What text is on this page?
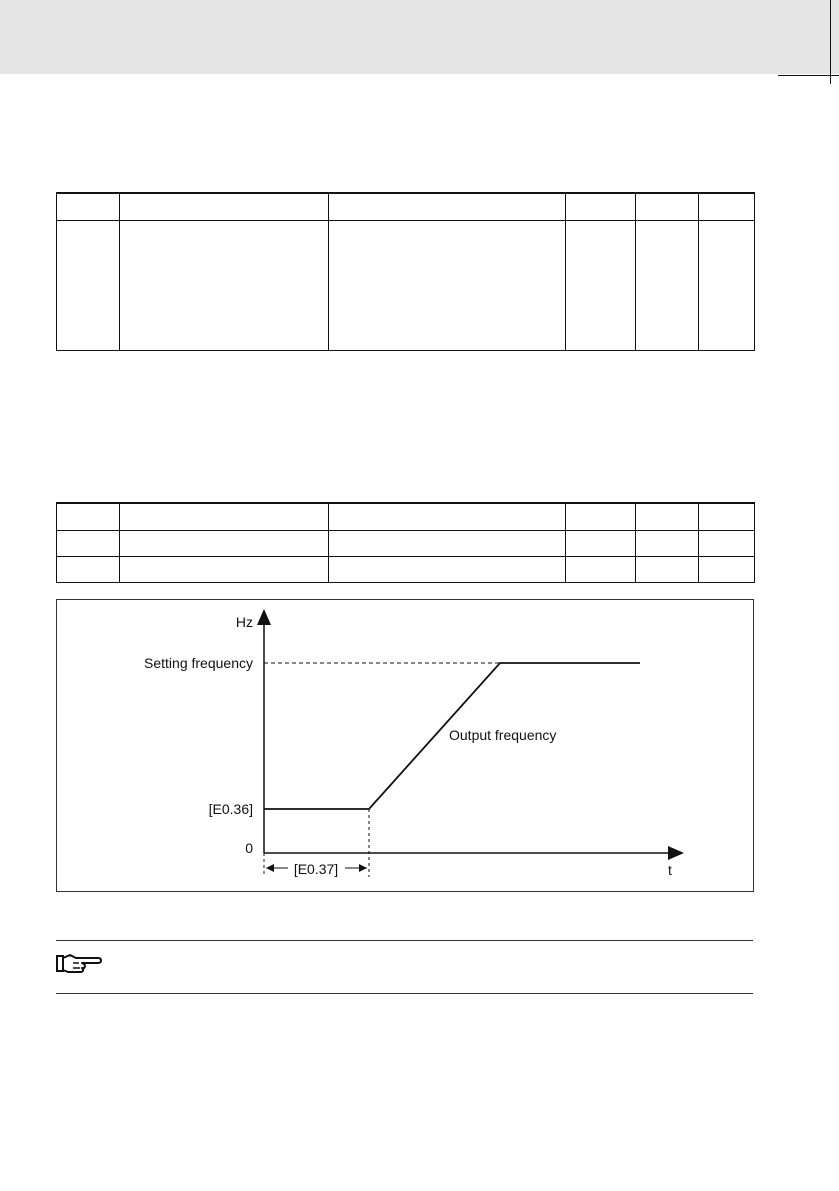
Hz
Setting frequency
Output frequency
[E0.36]
0
[E0.37]	t
